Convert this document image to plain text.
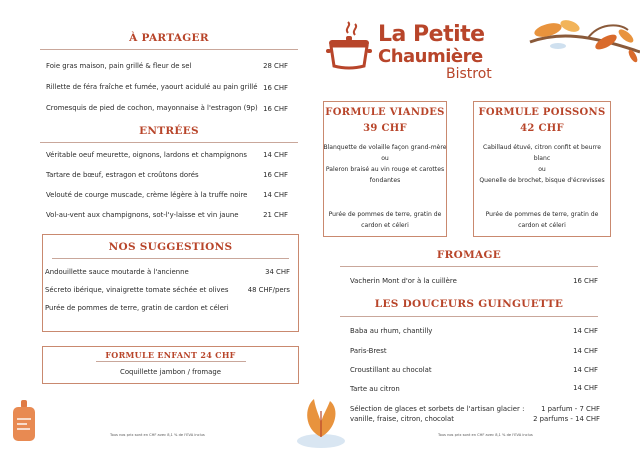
À PARTAGER
Foie gras maison, pain grillé & fleur de sel	28 CHF
Rillette de féra fraîche et fumée, yaourt acidulé au pain grillé 16 CHF
Cromesquis de pied de cochon, mayonnaise à l'estragon (9p) 16 CHF
ENTRÉES
Véritable oeuf meurette, oignons, lardons et champignons	14 CHF
Tartare de bœuf, estragon et croûtons dorés	16 CHF
Velouté de courge muscade, crème légère à la truffe noire	14 CHF
Vol-au-vent aux champignons, sot-l'y-laisse et vin jaune	21 CHF
NOS SUGGESTIONS
Andouillette sauce moutarde à l'ancienne	34 CHF
Sécreto ibérique, vinaigrette tomate séchée et olives	48 CHF/pers
Purée de pommes de terre, gratin de cardon et céleri
FORMULE ENFANT 24 CHF
Coquillette jambon / fromage
Tous nos prix sont en CHF avec 8,1 % de l'EVA inclus
La Petite
Chaumière
Bistrot
FORMULE VIANDES
39 CHF
Blanquette de volaille façon grand-mère
ou
Paleron braisé au vin rouge et carottes
fondantes
Purée de pommes de terre, gratin de
cardon et céleri
FORMULE POISSONS
42 CHF
Cabillaud étuvé, citron confit et beurre
blanc
ou
Quenelle de brochet, bisque d'écrevisses
Purée de pommes de terre, gratin de
cardon et céleri
FROMAGE
Vacherin Mont d'or à la cuillère	16 CHF
LES DOUCEURS GUINGUETTE
Baba au rhum, chantilly	14 CHF
Paris-Brest	14 CHF
Croustillant au chocolat	14 CHF
Tarte au citron	14 CHF
Sélection de glaces et sorbets de l'artisan glacier :
vanille, fraise, citron, chocolat
1 parfum - 7 CHF
2 parfums - 14 CHF
Tous nos prix sont en CHF avec 8,1 % de l'EVA inclus
